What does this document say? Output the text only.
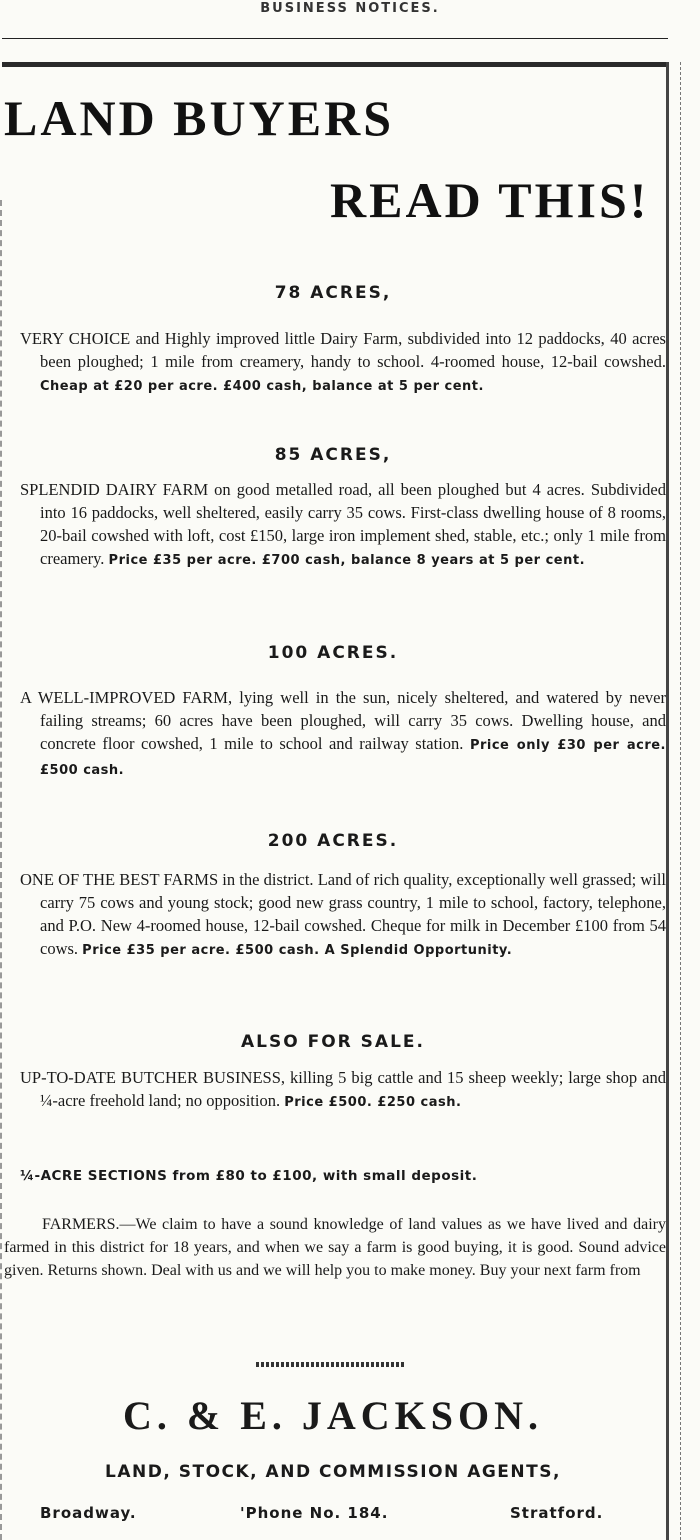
BUSINESS NOTICES.
LAND BUYERS
READ THIS!
78 ACRES,
VERY CHOICE and Highly improved little Dairy Farm, subdivided into 12 paddocks, 40 acres been ploughed; 1 mile from creamery, handy to school. 4-roomed house, 12-bail cowshed. Cheap at £20 per acre. £400 cash, balance at 5 per cent.
85 ACRES,
SPLENDID DAIRY FARM on good metalled road, all been ploughed but 4 acres. Subdivided into 16 paddocks, well sheltered, easily carry 35 cows. First-class dwelling house of 8 rooms, 20-bail cowshed with loft, cost £150, large iron implement shed, stable, etc.; only 1 mile from creamery. Price £35 per acre. £700 cash, balance 8 years at 5 per cent.
100 ACRES.
A WELL-IMPROVED FARM, lying well in the sun, nicely sheltered, and watered by never failing streams; 60 acres have been ploughed, will carry 35 cows. Dwelling house, and concrete floor cowshed, 1 mile to school and railway station. Price only £30 per acre. £500 cash.
200 ACRES.
ONE OF THE BEST FARMS in the district. Land of rich quality, exceptionally well grassed; will carry 75 cows and young stock; good new grass country, 1 mile to school, factory, telephone, and P.O. New 4-roomed house, 12-bail cowshed. Cheque for milk in December £100 from 54 cows. Price £35 per acre. £500 cash. A Splendid Opportunity.
ALSO FOR SALE.
UP-TO-DATE BUTCHER BUSINESS, killing 5 big cattle and 15 sheep weekly; large shop and ¼-acre freehold land; no opposition. Price £500. £250 cash.
¼-ACRE SECTIONS from £80 to £100, with small deposit.
FARMERS.—We claim to have a sound knowledge of land values as we have lived and dairy farmed in this district for 18 years, and when we say a farm is good buying, it is good. Sound advice given. Returns shown. Deal with us and we will help you to make money. Buy your next farm from
C. & E. JACKSON.
LAND, STOCK, AND COMMISSION AGENTS,
Broadway.	'Phone No. 184.	Stratford.
